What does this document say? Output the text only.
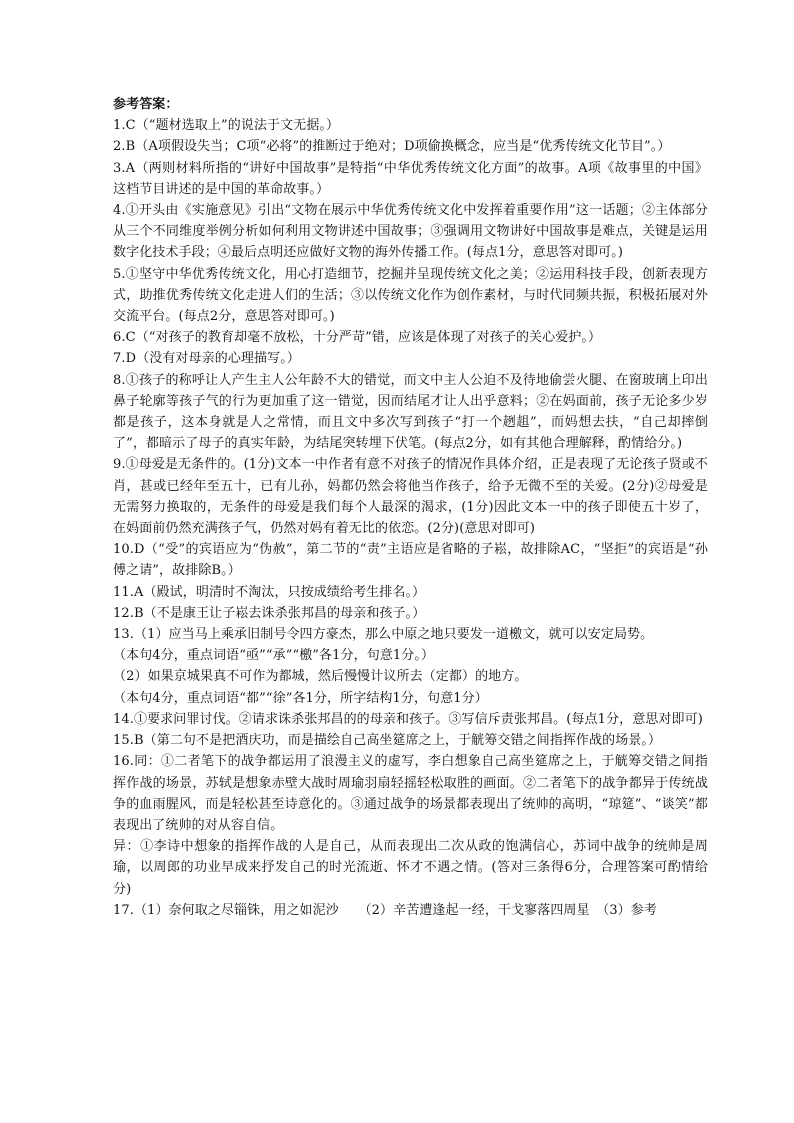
参考答案：

1.C（“题材选取上”的说法于文无据。）

2.B（A项假设失当；C项“必将”的推断过于绝对；D项偷换概念，应当是“优秀传统文化节目”。）

3.A（两则材料所指的“讲好中国故事”是特指“中华优秀传统文化方面”的故事。A项《故事里的中国》这档节目讲述的是中国的革命故事。）

4.①开头由《实施意见》引出“文物在展示中华优秀传统文化中发挥着重要作用”这一话题；②主体部分从三个不同维度举例分析如何利用文物讲述中国故事；③强调用文物讲好中国故事是难点，关键是运用数字化技术手段；④最后点明还应做好文物的海外传播工作。(每点1分，意思答对即可。)

5.①坚守中华优秀传统文化，用心打造细节，挖掘并呈现传统文化之美；②运用科技手段，创新表现方式，助推优秀传统文化走进人们的生活；③以传统文化作为创作素材，与时代同频共振，积极拓展对外交流平台。(每点2分，意思答对即可。)

6.C（“对孩子的教育却毫不放松，十分严苛”错，应该是体现了对孩子的关心爱护。）

7.D（没有对母亲的心理描写。）

8.①孩子的称呼让人产生主人公年龄不大的错觉，而文中主人公迫不及待地偷尝火腿、在窗玻璃上印出鼻子轮廓等孩子气的行为更加重了这一错觉，因而结尾才让人出乎意料；②在妈面前，孩子无论多少岁都是孩子，这本身就是人之常情，而且文中多次写到孩子“打一个趔趄”，而妈想去扶，“自己却摔倒了”，都暗示了母子的真实年龄，为结尾突转埋下伏笔。(每点2分，如有其他合理解释，酌情给分。)

9.①母爱是无条件的。(1分)文本一中作者有意不对孩子的情况作具体介绍，正是表现了无论孩子贤或不肖，甚或已经年至五十，已有儿孙，妈都仍然会将他当作孩子，给予无微不至的关爱。(2分)②母爱是无需努力换取的，无条件的母爱是我们每个人最深的渴求，(1分)因此文本一中的孩子即使五十岁了，在妈面前仍然充满孩子气，仍然对妈有着无比的依恋。(2分)(意思对即可)

10.D（“受”的宾语应为“伪赦”，第二节的“责”主语应是省略的子崧，故排除AC，“坚拒”的宾语是“孙傅之请”，故排除B。）

11.A（殿试，明清时不淘汰，只按成绩给考生排名。）

12.B（不是康王让子崧去诛杀张邦昌的母亲和孩子。）

13.（1）应当马上乘承旧制号令四方豪杰，那么中原之地只要发一道檄文，就可以安定局势。

（本句4分，重点词语“亟”“承”“檄”各1分，句意1分。）

（2）如果京城果真不可作为都城，然后慢慢计议所去（定都）的地方。

（本句4分，重点词语“都”“徐”各1分，所字结构1分，句意1分）

14.①要求问罪讨伐。②请求诛杀张邦昌的的母亲和孩子。③写信斥责张邦昌。(每点1分，意思对即可)

15.B（第二句不是把酒庆功，而是描绘自己高坐筵席之上，于觥筹交错之间指挥作战的场景。）

16.同：①二者笔下的战争都运用了浪漫主义的虚写，李白想象自己高坐筵席之上，于觥筹交错之间指挥作战的场景，苏轼是想象赤壁大战时周瑜羽扇轻摇轻松取胜的画面。②二者笔下的战争都异于传统战争的血雨腥风，而是轻松甚至诗意化的。③通过战争的场景都表现出了统帅的高明，“琼筵”、“谈笑”都表现出了统帅的对从容自信。

异：①李诗中想象的指挥作战的人是自己，从而表现出二次从政的饱满信心，苏词中战争的统帅是周瑜，以周郎的功业早成来抒发自己的时光流逝、怀才不遇之情。(答对三条得6分，合理答案可酌情给分)

17.（1）奈何取之尽锱铢，用之如泥沙　　（2）辛苦遭逢起一经，干戈寥落四周星　（3）参考
